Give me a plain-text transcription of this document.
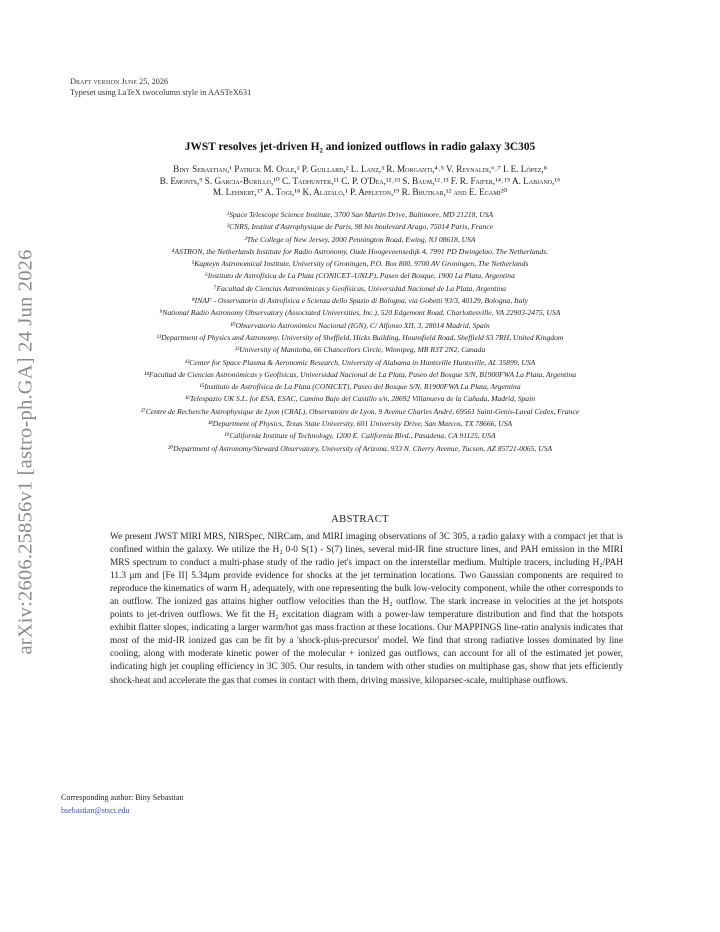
arXiv:2606.25856v1 [astro-ph.GA] 24 Jun 2026
Draft version June 25, 2026
Typeset using LaTeX twocolumn style in AASTeX631
JWST resolves jet-driven H₂ and ionized outflows in radio galaxy 3C305
Biny Sebastian,¹ Patrick M. Ogle,¹ P. Guillard,² L. Lanz,³ R. Morganti,⁴˒⁵ V. Reynaldi,⁶˒⁷ I. E. López,⁸
B. Emonts,⁹ S. Garcia-Burillo,¹⁰ C. Tadhunter,¹¹ C. P. O'Dea,¹²˒¹³ S. Baum,¹²˒¹³ F. R. Faifer,¹⁴˒¹⁵ A. Labiano,¹⁶
M. Lehnert,¹⁷ A. Togi,¹⁸ K. Alatalo,¹ P. Appleton,¹⁹ R. Bhutkar,¹² and E. Egami²⁰
¹Space Telescope Science Institute, 3700 San Martin Drive, Baltimore, MD 21218, USA
²CNRS, Institut d'Astrophysique de Paris, 98 bis boulevard Arago, 75014 Paris, France
³The College of New Jersey, 2000 Pennington Road, Ewing, NJ 08618, USA
⁴ASTRON, the Netherlands Institute for Radio Astronomy, Oude Hoogeveensedijk 4, 7991 PD Dwingeloo, The Netherlands.
⁵Kapteyn Astronomical Institute, University of Groningen, P.O. Box 800, 9700 AV Groningen, The Netherlands
⁶Instituto de Astrofísica de La Plata (CONICET–UNLP), Paseo del Bosque, 1900 La Plata, Argentina
⁷Facultad de Ciencias Astronómicas y Geofísicas, Universidad Nacional de La Plata, Argentina
⁸INAF - Osservatorio di Astrofisica e Scienza dello Spazio di Bologna, via Gobetti 93/3, 40129, Bologna, Italy
⁹National Radio Astronomy Observatory (Associated Universities, Inc.), 520 Edgemont Road, Charlottesville, VA 22903-2475, USA
¹⁰Observatorio Astronómico Nacional (IGN), C/ Alfonso XII, 3, 28014 Madrid, Spain
¹¹Department of Physics and Astronomy, University of Sheffield, Hicks Building, Hounsfield Road, Sheffield S3 7RH, United Kingdom
¹²University of Manitoba, 66 Chancellors Circle, Winnipeg, MB R3T 2N2, Canada
¹³Center for Space Plasma & Aeronomic Research, University of Alabama in Huntsville Huntsville, AL 35899, USA
¹⁴Facultad de Ciencias Astronómicas y Geofísicas, Universidad Nacional de La Plata, Paseo del Bosque S/N, B1900FWA La Plata, Argentina
¹⁵Instituto de Astrofísica de La Plata (CONICET), Paseo del Bosque S/N, B1900FWA La Plata, Argentina
¹⁶Telespazio UK S.L. for ESA, ESAC, Camino Bajo del Castillo s/n, 28692 Villanueva de la Cañada, Madrid, Spain
¹⁷Centre de Recherche Astrophysique de Lyon (CRAL), Observatoire de Lyon, 9 Avenue Charles André, 69561 Saint-Genis-Laval Cedex, France
¹⁸Department of Physics, Texas State University, 601 University Drive, San Marcos, TX 78666, USA
¹⁹California Institute of Technology, 1200 E. California Blvd., Pasadena, CA 91125, USA
²⁰Department of Astronomy/Steward Observatory, University of Arizona, 933 N. Cherry Avenue, Tucson, AZ 85721-0065, USA
ABSTRACT
We present JWST MIRI MRS, NIRSpec, NIRCam, and MIRI imaging observations of 3C 305, a radio galaxy with a compact jet that is confined within the galaxy. We utilize the H₂ 0-0 S(1) - S(7) lines, several mid-IR fine structure lines, and PAH emission in the MIRI MRS spectrum to conduct a multi-phase study of the radio jet's impact on the interstellar medium. Multiple tracers, including H₂/PAH 11.3 μm and [Fe II] 5.34μm provide evidence for shocks at the jet termination locations. Two Gaussian components are required to reproduce the kinematics of warm H₂ adequately, with one representing the bulk low-velocity component, while the other corresponds to an outflow. The ionized gas attains higher outflow velocities than the H₂ outflow. The stark increase in velocities at the jet hotspots points to jet-driven outflows. We fit the H₂ excitation diagram with a power-law temperature distribution and find that the hotspots exhibit flatter slopes, indicating a larger warm/hot gas mass fraction at these locations. Our MAPPINGS line-ratio analysis indicates that most of the mid-IR ionized gas can be fit by a 'shock-plus-precursor' model. We find that strong radiative losses dominated by line cooling, along with moderate kinetic power of the molecular + ionized gas outflows, can account for all of the estimated jet power, indicating high jet coupling efficiency in 3C 305. Our results, in tandem with other studies on multiphase gas, show that jets efficiently shock-heat and accelerate the gas that comes in contact with them, driving massive, kiloparsec-scale, multiphase outflows.
Corresponding author: Biny Sebastian
bsebastian@stsci.edu
